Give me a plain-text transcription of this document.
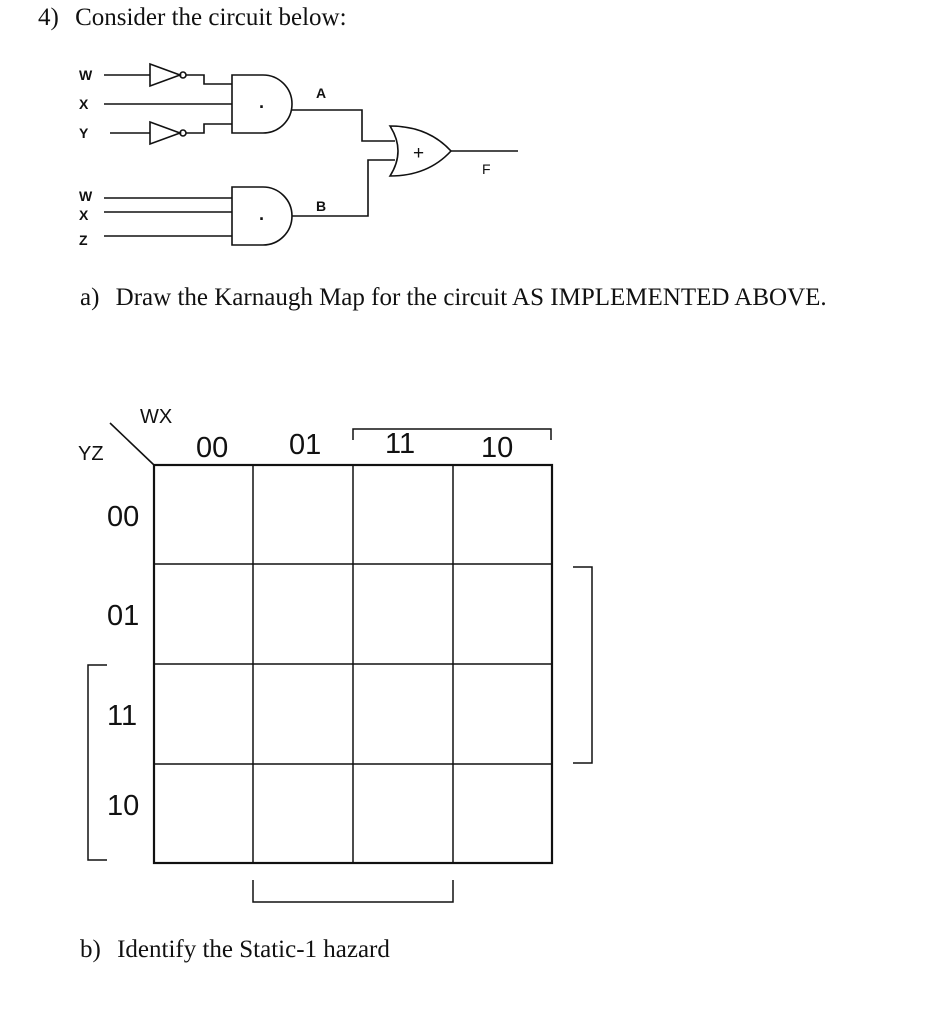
4) Consider the circuit below:
W
X
Y
W
X
Z
A
B
F
·
·
+
WX
YZ	00 01 11 10
00
01
11
10
a) Draw the Karnaugh Map for the circuit AS IMPLEMENTED ABOVE.
b) Identify the Static-1 hazard
